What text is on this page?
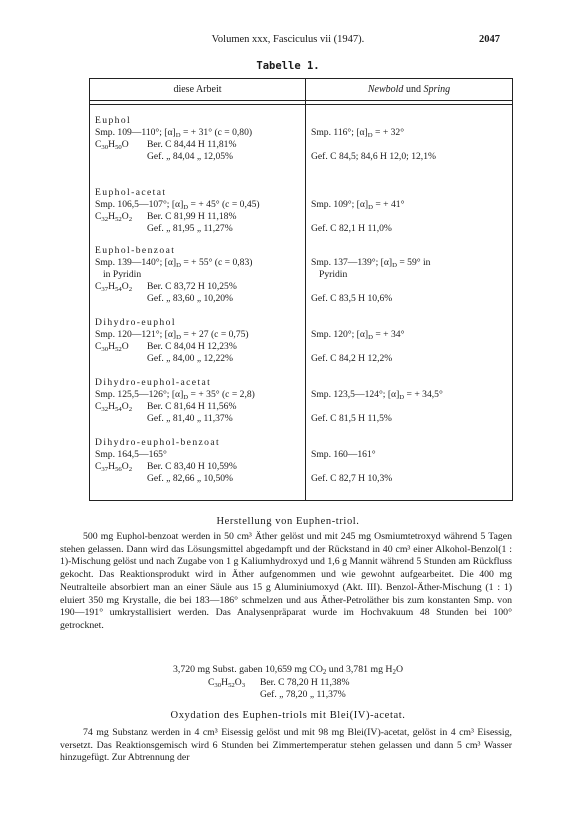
Volumen xxx, Fasciculus vii (1947).	2047
Tabelle 1.
diese Arbeit	Newbold und Spring
Euphol
Smp. 109—110°; $[\alpha]_D$ = + 31° (c = 0,80)	Smp. 116°; $[\alpha]_D$ = + 32°
$C_{30}H_{50}O$ Ber. C 84,44 H 11,81%
Gef. „ 84,04 „ 12,05%	Gef. C 84,5; 84,6 H 12,0; 12,1%
Euphol-acetat
Smp. 106,5—107°; $[\alpha]_D$ = + 45° (c = 0,45)	Smp. 109°; $[\alpha]_D$ = + 41°
$C_{32}H_{52}O_2$ Ber. C 81,99 H 11,18%
Gef. „ 81,95 „ 11,27%	Gef. C 82,1 H 11,0%
Euphol-benzoat
Smp. 139—140°; $[\alpha]_D$ = + 55° (c = 0,83)	Smp. 137—139°; $[\alpha]_D = 59^\circ$ in
in Pyridin	Pyridin
$C_{37}H_{54}O_2$ Ber. C 83,72 H 10,25%
Gef. „ 83,60 „ 10,20%	Gef. C 83,5 H 10,6%
Dihydro-euphol
Smp. 120—121°; $[\alpha]_D$ = + 27 (c = 0,75)	Smp. 120°; $[\alpha]_D$ = + 34°
$C_{30}H_{52}O$ Ber. C 84,04 H 12,23%
Gef. „ 84,00 „ 12,22%	Gef. C 84,2 H 12,2%
Dihydro-euphol-acetat
Smp. 125,5—126°; $[\alpha]_D$ = + 35° (c = 2,8)	Smp. 123,5—124°; $[\alpha]_D$ = + 34,5°
$C_{32}H_{54}O_2$ Ber. C 81,64 H 11,56%
Gef. „ 81,40 „ 11,37%	Gef. C 81,5 H 11,5%
Dihydro-euphol-benzoat
Smp. 164,5—165°	Smp. 160—161°
$C_{37}H_{56}O_2$ Ber. C 83,40 H 10,59%
Gef. „ 82,66 „ 10,50%	Gef. C 82,7 H 10,3%
Herstellung von Euphen-triol.
500 mg Euphol-benzoat werden in 50 cm³ Äther gelöst und mit 245 mg Osmiumtetroxyd während 5 Tagen stehen gelassen. Dann wird das Lösungsmittel abgedampft und der Rückstand in 40 cm³ einer Alkohol-Benzol(1 : 1)-Mischung gelöst und nach Zugabe von 1 g Kaliumhydroxyd und 1,6 g Mannit während 5 Stunden am Rückfluss gekocht. Das Reaktionsprodukt wird in Äther aufgenommen und wie gewohnt aufgearbeitet. Die 400 mg Neutralteile absorbiert man an einer Säule aus 15 g Aluminiumoxyd (Akt. III). Benzol-Äther-Mischung (1 : 1) eluiert 350 mg Krystalle, die bei 183—186° schmelzen und aus Äther-Petroläther bis zum konstanten Smp. von 190—191° umkrystallisiert werden. Das Analysenpräparat wurde im Hochvakuum 48 Stunden bei 100° getrocknet.
3,720 mg Subst. gaben 10,659 mg $CO_2$ und 3,781 mg $H_2O$
$C_{30}H_{52}O_3$ Ber. C 78,20 H 11,38%
Gef. „ 78,20 „ 11,37%
Oxydation des Euphen-triols mit Blei(IV)-acetat.
74 mg Substanz werden in 4 cm³ Eisessig gelöst und mit 98 mg Blei(IV)-acetat, gelöst in 4 cm³ Eisessig, versetzt. Das Reaktionsgemisch wird 6 Stunden bei Zimmertemperatur stehen gelassen und dann 5 cm³ Wasser hinzugefügt. Zur Abtrennung der
